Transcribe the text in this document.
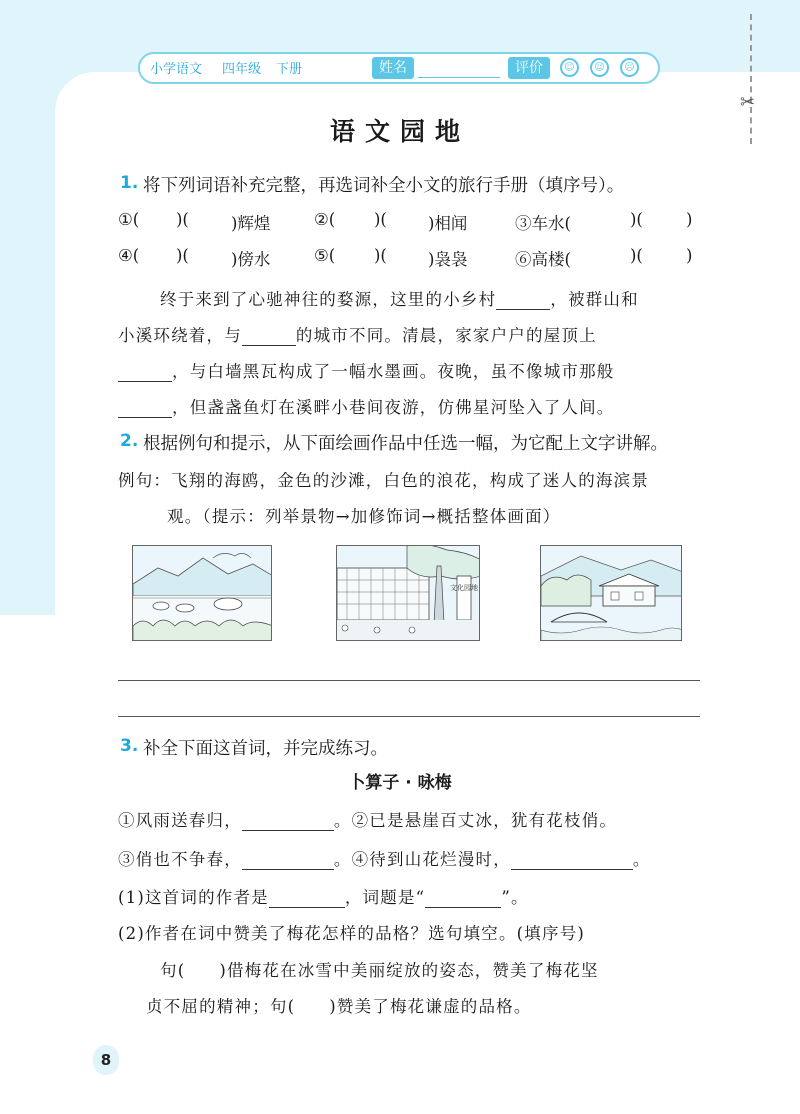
✂
小学语文 四年级 下册	姓名	评价	☺	☺	☹
语文园地
1. 将下列词语补充完整，再选词补全小文的旅行手册（填序号）。
①( )(	)辉煌	②( )( )相闻	③车水(	)(	)
④( )(	)傍水	⑤( )( )袅袅	⑥高楼(	)(	)
终于来到了心驰神往的婺源，这里的小乡村	，被群山和
小溪环绕着，与	的城市不同。清晨，家家户户的屋顶上
，与白墙黑瓦构成了一幅水墨画。夜晚，虽不像城市那般
，但盏盏鱼灯在溪畔小巷间夜游，仿佛星河坠入了人间。
2. 根据例句和提示，从下面绘画作品中任选一幅，为它配上文字讲解。
例句：飞翔的海鸥，金色的沙滩，白色的浪花，构成了迷人的海滨景
观。（提示：列举景物→加修饰词→概括整体画面）
文化园地
3. 补全下面这首词，并完成练习。
卜算子 · 咏梅
①风雨送春归，	。②已是悬崖百丈冰，犹有花枝俏。
③俏也不争春，	。④待到山花烂漫时，	。
(1)这首词的作者是	，词题是“	”。
(2)作者在词中赞美了梅花怎样的品格？选句填空。(填序号)
句( )借梅花在冰雪中美丽绽放的姿态，赞美了梅花坚
贞不屈的精神；句( )赞美了梅花谦虚的品格。
8
